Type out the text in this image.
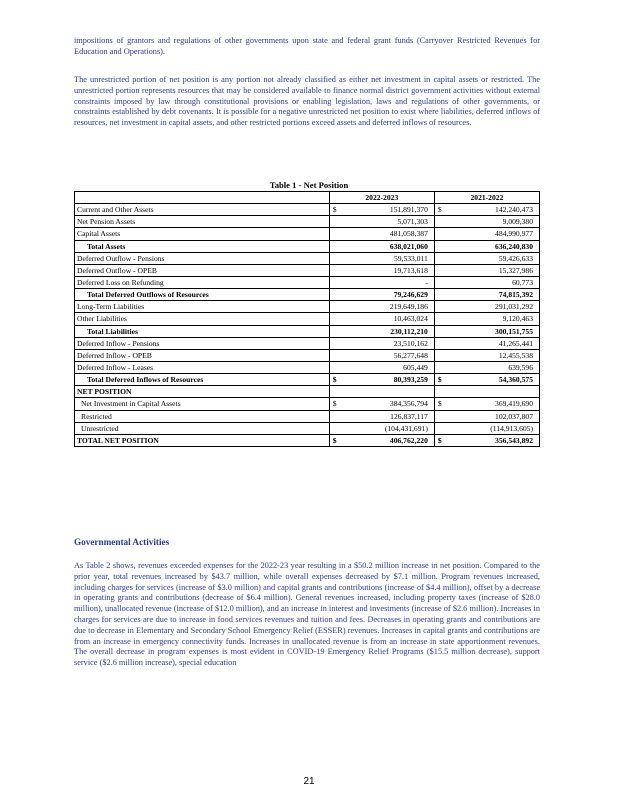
impositions of grantors and regulations of other governments upon state and federal grant funds (Carryover Restricted Revenues for Education and Operations).

The unrestricted portion of net position is any portion not already classified as either net investment in capital assets or restricted. The unrestricted portion represents resources that may be considered available to finance normal district government activities without external constraints imposed by law through constitutional provisions or enabling legislation, laws and regulations of other governments, or constraints established by debt covenants. It is possible for a negative unrestricted net position to exist where liabilities, deferred inflows of resources, net investment in capital assets, and other restricted portions exceed assets and deferred inflows of resources.

Table 1 - Net Position
	2022-2023		2021-2022	
Current and Other Assets	$	151,891,370	$	142,240,473
Net Pension Assets		5,071,303		9,009,380
Capital Assets		481,058,387		484,990,977
Total Assets		638,021,060		636,240,830
Deferred Outflow - Pensions		59,533,011		59,426,633
Deferred Outflow - OPEB		19,713,618		15,327,986
Deferred Loss on Refunding		-		60,773
Total Deferred Outflows of Resources		79,246,629		74,815,392
Long-Term Liabilities		219,649,186		291,031,292
Other Liabilities		10,463,024		9,120,463
Total Liabilities		230,112,210		300,151,755
Deferred Inflow - Pensions		23,510,162		41,265,441
Deferred Inflow - OPEB		56,277,648		12,455,538
Deferred Inflow - Leases		605,449		639,596
Total Deferred Inflows of Resources	$	80,393,259	$	54,360,575
NET POSITION				
Net Investment in Capital Assets	$	384,356,794	$	369,419,690
Restricted		126,837,117		102,037,807
Unrestricted		(104,431,691)		(114,913,605)
TOTAL NET POSITION	$	406,762,220	$	356,543,892
Governmental Activities

As Table 2 shows, revenues exceeded expenses for the 2022-23 year resulting in a $50.2 million increase in net position. Compared to the prior year, total revenues increased by $43.7 million, while overall expenses decreased by $7.1 million. Program revenues increased, including charges for services (increase of $3.0 million) and capital grants and contributions (increase of $4.4 million), offset by a decrease in operating grants and contributions (decrease of $6.4 million). General revenues increased, including property taxes (increase of $28.0 million), unallocated revenue (increase of $12.0 million), and an increase in interest and investments (increase of $2.6 million). Increases in charges for services are due to increase in food services revenues and tuition and fees. Decreases in operating grants and contributions are due to decrease in Elementary and Secondary School Emergency Relief (ESSER) revenues. Increases in capital grants and contributions are from an increase in emergency connectivity funds. Increases in unallocated revenue is from an increase in state apportionment revenues. The overall decrease in program expenses is most evident in COVID-19 Emergency Relief Programs ($15.5 million decrease), support service ($2.6 million increase), special education

21
